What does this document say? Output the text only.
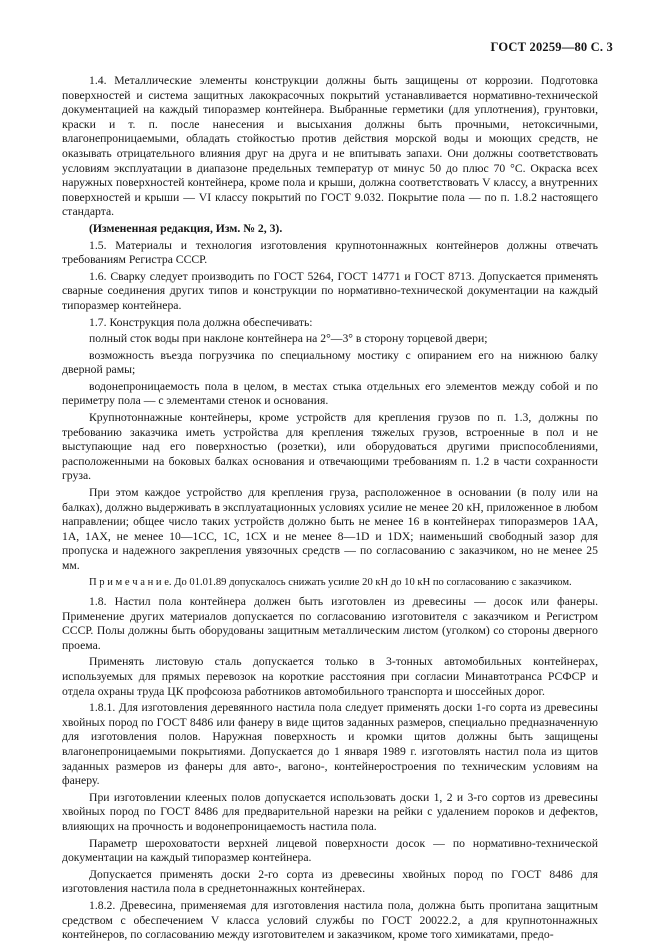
ГОСТ 20259—80 С. 3

1.4. Металлические элементы конструкции должны быть защищены от коррозии. Подготовка поверхностей и система защитных лакокрасочных покрытий устанавливается нормативно-технической документацией на каждый типоразмер контейнера. Выбранные герметики (для уплотнения), грунтовки, краски и т. п. после нанесения и высыхания должны быть прочными, нетоксичными, влагонепроницаемыми, обладать стойкостью против действия морской воды и моющих средств, не оказывать отрицательного влияния друг на друга и не впитывать запахи. Они должны соответствовать условиям эксплуатации в диапазоне предельных температур от минус 50 до плюс 70 °С. Окраска всех наружных поверхностей контейнера, кроме пола и крыши, должна соответствовать V классу, а внутренних поверхностей и крыши — VI классу покрытий по ГОСТ 9.032. Покрытие пола — по п. 1.8.2 настоящего стандарта.

(Измененная редакция, Изм. № 2, 3).

1.5. Материалы и технология изготовления крупнотоннажных контейнеров должны отвечать требованиям Регистра СССР.

1.6. Сварку следует производить по ГОСТ 5264, ГОСТ 14771 и ГОСТ 8713. Допускается применять сварные соединения других типов и конструкции по нормативно-технической документации на каждый типоразмер контейнера.

1.7. Конструкция пола должна обеспечивать:

полный сток воды при наклоне контейнера на 2°—3° в сторону торцевой двери;

возможность въезда погрузчика по специальному мостику с опиранием его на нижнюю балку дверной рамы;

водонепроницаемость пола в целом, в местах стыка отдельных его элементов между собой и по периметру пола — с элементами стенок и основания.

Крупнотоннажные контейнеры, кроме устройств для крепления грузов по п. 1.3, должны по требованию заказчика иметь устройства для крепления тяжелых грузов, встроенные в пол и не выступающие над его поверхностью (розетки), или оборудоваться другими приспособлениями, расположенными на боковых балках основания и отвечающими требованиям п. 1.2 в части сохранности груза.

При этом каждое устройство для крепления груза, расположенное в основании (в полу или на балках), должно выдерживать в эксплуатационных условиях усилие не менее 20 кН, приложенное в любом направлении; общее число таких устройств должно быть не менее 16 в контейнерах типоразмеров 1АА, 1А, 1АХ, не менее 10—1СС, 1С, 1СХ и не менее 8—1D и 1DX; наименьший свободный зазор для пропуска и надежного закрепления увязочных средств — по согласованию с заказчиком, но не менее 25 мм.

П р и м е ч а н и е. До 01.01.89 допускалось снижать усилие 20 кН до 10 кН по согласованию с заказчиком.

1.8. Настил пола контейнера должен быть изготовлен из древесины — досок или фанеры. Применение других материалов допускается по согласованию изготовителя с заказчиком и Регистром СССР. Полы должны быть оборудованы защитным металлическим листом (уголком) со стороны дверного проема.

Применять листовую сталь допускается только в 3-тонных автомобильных контейнерах, используемых для прямых перевозок на короткие расстояния при согласии Минавтотранса РСФСР и отдела охраны труда ЦК профсоюза работников автомобильного транспорта и шоссейных дорог.

1.8.1. Для изготовления деревянного настила пола следует применять доски 1-го сорта из древесины хвойных пород по ГОСТ 8486 или фанеру в виде щитов заданных размеров, специально предназначенную для изготовления полов. Наружная поверхность и кромки щитов должны быть защищены влагонепроницаемыми покрытиями. Допускается до 1 января 1989 г. изготовлять настил пола из щитов заданных размеров из фанеры для авто-, вагоно-, контейнеростроения по техническим условиям на фанеру.

При изготовлении клееных полов допускается использовать доски 1, 2 и 3-го сортов из древесины хвойных пород по ГОСТ 8486 для предварительной нарезки на рейки с удалением пороков и дефектов, влияющих на прочность и водонепроницаемость настила пола.

Параметр шероховатости верхней лицевой поверхности досок — по нормативно-технической документации на каждый типоразмер контейнера.

Допускается применять доски 2-го сорта из древесины хвойных пород по ГОСТ 8486 для изготовления настила пола в среднетоннажных контейнерах.

1.8.2. Древесина, применяемая для изготовления настила пола, должна быть пропитана защитным средством с обеспечением V класса условий службы по ГОСТ 20022.2, а для крупнотоннажных контейнеров, по согласованию между изготовителем и заказчиком, кроме того химикатами, предо-
